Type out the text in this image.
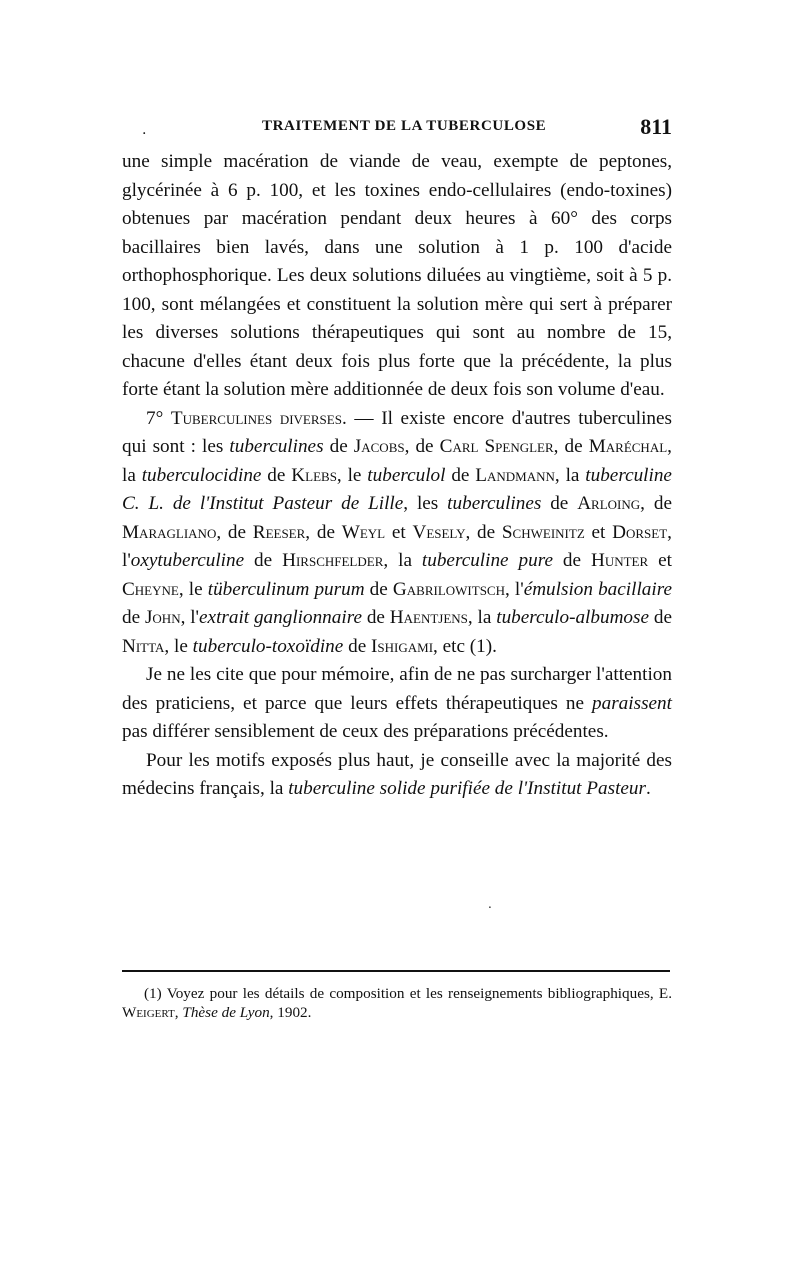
.	TRAITEMENT DE LA TUBERCULOSE	811

une simple macération de viande de veau, exempte de peptones, glycérinée à 6 p. 100, et les toxines endo-cellulaires (endo-toxines) obtenues par macération pendant deux heures à 60° des corps bacillaires bien lavés, dans une solution à 1 p. 100 d'acide orthophosphorique. Les deux solutions diluées au vingtième, soit à 5 p. 100, sont mélangées et constituent la solution mère qui sert à préparer les diverses solutions thérapeutiques qui sont au nombre de 15, chacune d'elles étant deux fois plus forte que la précédente, la plus forte étant la solution mère additionnée de deux fois son volume d'eau.

7° Tuberculines diverses. — Il existe encore d'autres tuberculines qui sont : les tuberculines de Jacobs, de Carl Spengler, de Maréchal, la tuberculocidine de Klebs, le tuberculol de Landmann, la tuberculine C. L. de l'Institut Pasteur de Lille, les tuberculines de Arloing, de Maragliano, de Reeser, de Weyl et Vesely, de Schweinitz et Dorset, l'oxytuberculine de Hirschfelder, la tuberculine pure de Hunter et Cheyne, le tüberculinum purum de Gabrilowitsch, l'émulsion bacillaire de John, l'extrait ganglionnaire de Haentjens, la tuberculo-albumose de Nitta, le tuberculo-toxoïdine de Ishigami, etc (1).

Je ne les cite que pour mémoire, afin de ne pas surcharger l'attention des praticiens, et parce que leurs effets thérapeutiques ne paraissent pas différer sensiblement de ceux des préparations précédentes.

Pour les motifs exposés plus haut, je conseille avec la majorité des médecins français, la tuberculine solide purifiée de l'Institut Pasteur.

.

(1) Voyez pour les détails de composition et les renseignements bibliographiques, E. Weigert, Thèse de Lyon, 1902.
